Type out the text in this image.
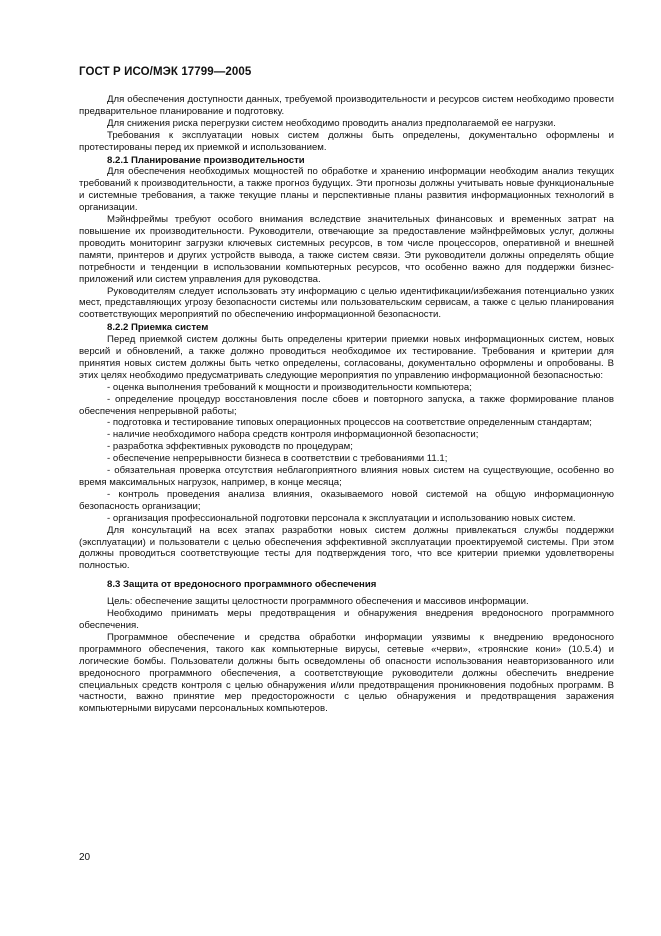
ГОСТ Р ИСО/МЭК 17799—2005

Для обеспечения доступности данных, требуемой производительности и ресурсов систем необходимо провести предварительное планирование и подготовку.

Для снижения риска перегрузки систем необходимо проводить анализ предполагаемой ее нагрузки.

Требования к эксплуатации новых систем должны быть определены, документально оформлены и протестированы перед их приемкой и использованием.

8.2.1 Планирование производительности

Для обеспечения необходимых мощностей по обработке и хранению информации необходим анализ текущих требований к производительности, а также прогноз будущих. Эти прогнозы должны учитывать новые функциональные и системные требования, а также текущие планы и перспективные планы развития информационных технологий в организации.

Мэйнфреймы требуют особого внимания вследствие значительных финансовых и временных затрат на повышение их производительности. Руководители, отвечающие за предоставление мэйнфреймовых услуг, должны проводить мониторинг загрузки ключевых системных ресурсов, в том числе процессоров, оперативной и внешней памяти, принтеров и других устройств вывода, а также систем связи. Эти руководители должны определять общие потребности и тенденции в использовании компьютерных ресурсов, что особенно важно для поддержки бизнес-приложений или систем управления для руководства.

Руководителям следует использовать эту информацию с целью идентификации/избежания потенциально узких мест, представляющих угрозу безопасности системы или пользовательским сервисам, а также с целью планирования соответствующих мероприятий по обеспечению информационной безопасности.

8.2.2 Приемка систем

Перед приемкой систем должны быть определены критерии приемки новых информационных систем, новых версий и обновлений, а также должно проводиться необходимое их тестирование. Требования и критерии для принятия новых систем должны быть четко определены, согласованы, документально оформлены и опробованы. В этих целях необходимо предусматривать следующие мероприятия по управлению информационной безопасностью:

- оценка выполнения требований к мощности и производительности компьютера;

- определение процедур восстановления после сбоев и повторного запуска, а также формирование планов обеспечения непрерывной работы;

- подготовка и тестирование типовых операционных процессов на соответствие определенным стандартам;

- наличие необходимого набора средств контроля информационной безопасности;

- разработка эффективных руководств по процедурам;

- обеспечение непрерывности бизнеса в соответствии с требованиями 11.1;

- обязательная проверка отсутствия неблагоприятного влияния новых систем на существующие, особенно во время максимальных нагрузок, например, в конце месяца;

- контроль проведения анализа влияния, оказываемого новой системой на общую информационную безопасность организации;

- организация профессиональной подготовки персонала к эксплуатации и использованию новых систем.

Для консультаций на всех этапах разработки новых систем должны привлекаться службы поддержки (эксплуатации) и пользователи с целью обеспечения эффективной эксплуатации проектируемой системы. При этом должны проводиться соответствующие тесты для подтверждения того, что все критерии приемки удовлетворены полностью.

8.3 Защита от вредоносного программного обеспечения

Цель: обеспечение защиты целостности программного обеспечения и массивов информации.

Необходимо принимать меры предотвращения и обнаружения внедрения вредоносного программного обеспечения.

Программное обеспечение и средства обработки информации уязвимы к внедрению вредоносного программного обеспечения, такого как компьютерные вирусы, сетевые «черви», «троянские кони» (10.5.4) и логические бомбы. Пользователи должны быть осведомлены об опасности использования неавторизованного или вредоносного программного обеспечения, а соответствующие руководители должны обеспечить внедрение специальных средств контроля с целью обнаружения и/или предотвращения проникновения подобных программ. В частности, важно принятие мер предосторожности с целью обнаружения и предотвращения заражения компьютерными вирусами персональных компьютеров.

20
